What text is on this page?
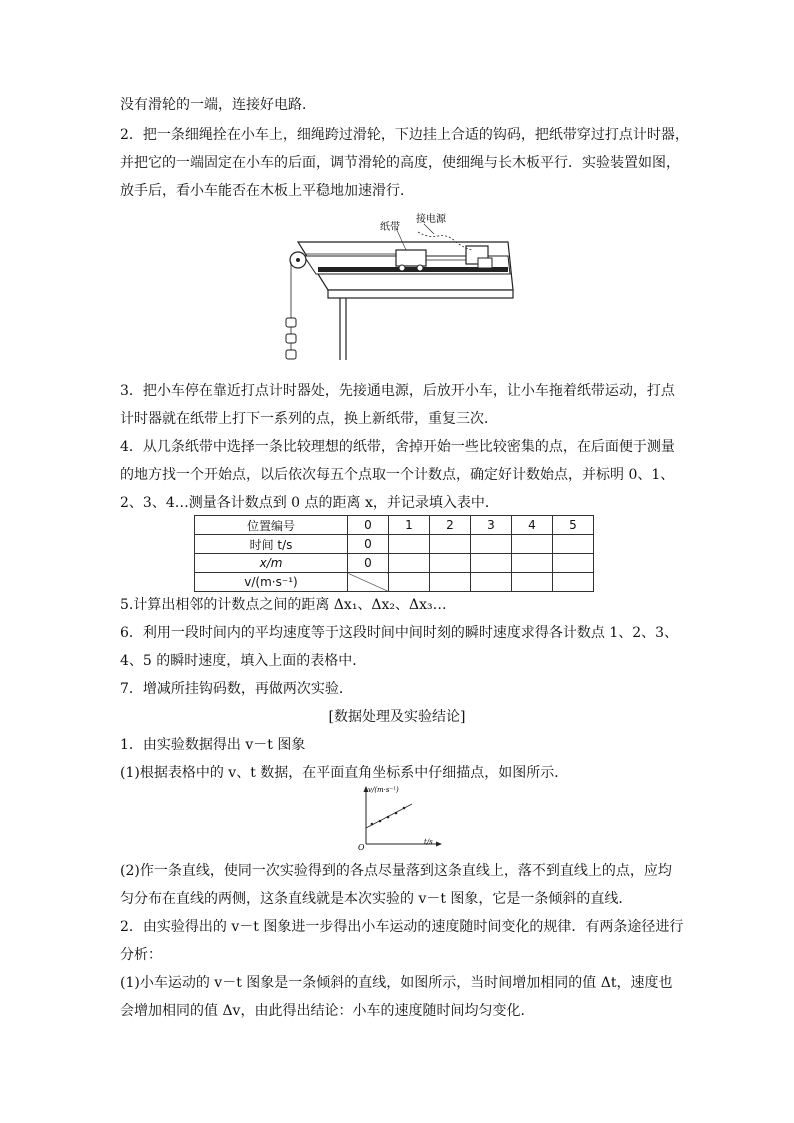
没有滑轮的一端，连接好电路．
2．把一条细绳拴在小车上，细绳跨过滑轮，下边挂上合适的钩码，把纸带穿过打点计时器，
并把它的一端固定在小车的后面，调节滑轮的高度，使细绳与长木板平行．实验装置如图，
放手后，看小车能否在木板上平稳地加速滑行．
纸带
接电源
3．把小车停在靠近打点计时器处，先接通电源，后放开小车，让小车拖着纸带运动，打点
计时器就在纸带上打下一系列的点，换上新纸带，重复三次．
4．从几条纸带中选择一条比较理想的纸带，舍掉开始一些比较密集的点，在后面便于测量
的地方找一个开始点，以后依次每五个点取一个计数点，确定好计数始点，并标明 0、1、
2、3、4…测量各计数点到 0 点的距离 x，并记录填入表中．
位置编号	0	1	2	3	4	5
时间 t/s	0					
x/m	0					
v/(m·s⁻¹)						
5.计算出相邻的计数点之间的距离 Δx₁、Δx₂、Δx₃…
6．利用一段时间内的平均速度等于这段时间中间时刻的瞬时速度求得各计数点 1、2、3、
4、5 的瞬时速度，填入上面的表格中．
7．增减所挂钩码数，再做两次实验．
[数据处理及实验结论]
1．由实验数据得出 v－t 图象
(1)根据表格中的 v、t 数据，在平面直角坐标系中仔细描点，如图所示．
v/(m·s⁻¹)
t/s
O
(2)作一条直线，使同一次实验得到的各点尽量落到这条直线上，落不到直线上的点，应均
匀分布在直线的两侧，这条直线就是本次实验的 v－t 图象，它是一条倾斜的直线．
2．由实验得出的 v－t 图象进一步得出小车运动的速度随时间变化的规律．有两条途径进行
分析：
(1)小车运动的 v－t 图象是一条倾斜的直线，如图所示，当时间增加相同的值 Δt，速度也
会增加相同的值 Δv，由此得出结论：小车的速度随时间均匀变化．
